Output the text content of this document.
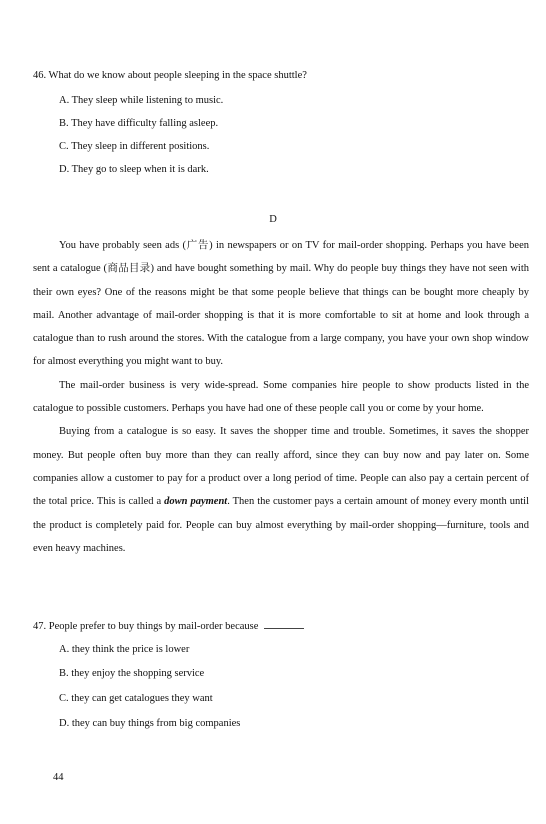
46. What do we know about people sleeping in the space shuttle?
A. They sleep while listening to music.
B. They have difficulty falling asleep.
C. They sleep in different positions.
D. They go to sleep when it is dark.
D

You have probably seen ads (广告) in newspapers or on TV for mail-order shopping. Perhaps you have been sent a catalogue (商品目录) and have bought something by mail. Why do people buy things they have not seen with their own eyes? One of the reasons might be that some people believe that things can be bought more cheaply by mail. Another advantage of mail-order shopping is that it is more comfortable to sit at home and look through a catalogue than to rush around the stores. With the catalogue from a large company, you have your own shop window for almost everything you might want to buy.

The mail-order business is very wide-spread. Some companies hire people to show products listed in the catalogue to possible customers. Perhaps you have had one of these people call you or come by your home.

Buying from a catalogue is so easy. It saves the shopper time and trouble. Sometimes, it saves the shopper money. But people often buy more than they can really afford, since they can buy now and pay later on. Some companies allow a customer to pay for a product over a long period of time. People can also pay a certain percent of the total price. This is called a down payment. Then the customer pays a certain amount of money every month until the product is completely paid for. People can buy almost everything by mail-order shopping—furniture, tools and even heavy machines.

47. People prefer to buy things by mail-order because
A. they think the price is lower
B. they enjoy the shopping service
C. they can get catalogues they want
D. they can buy things from big companies
44
